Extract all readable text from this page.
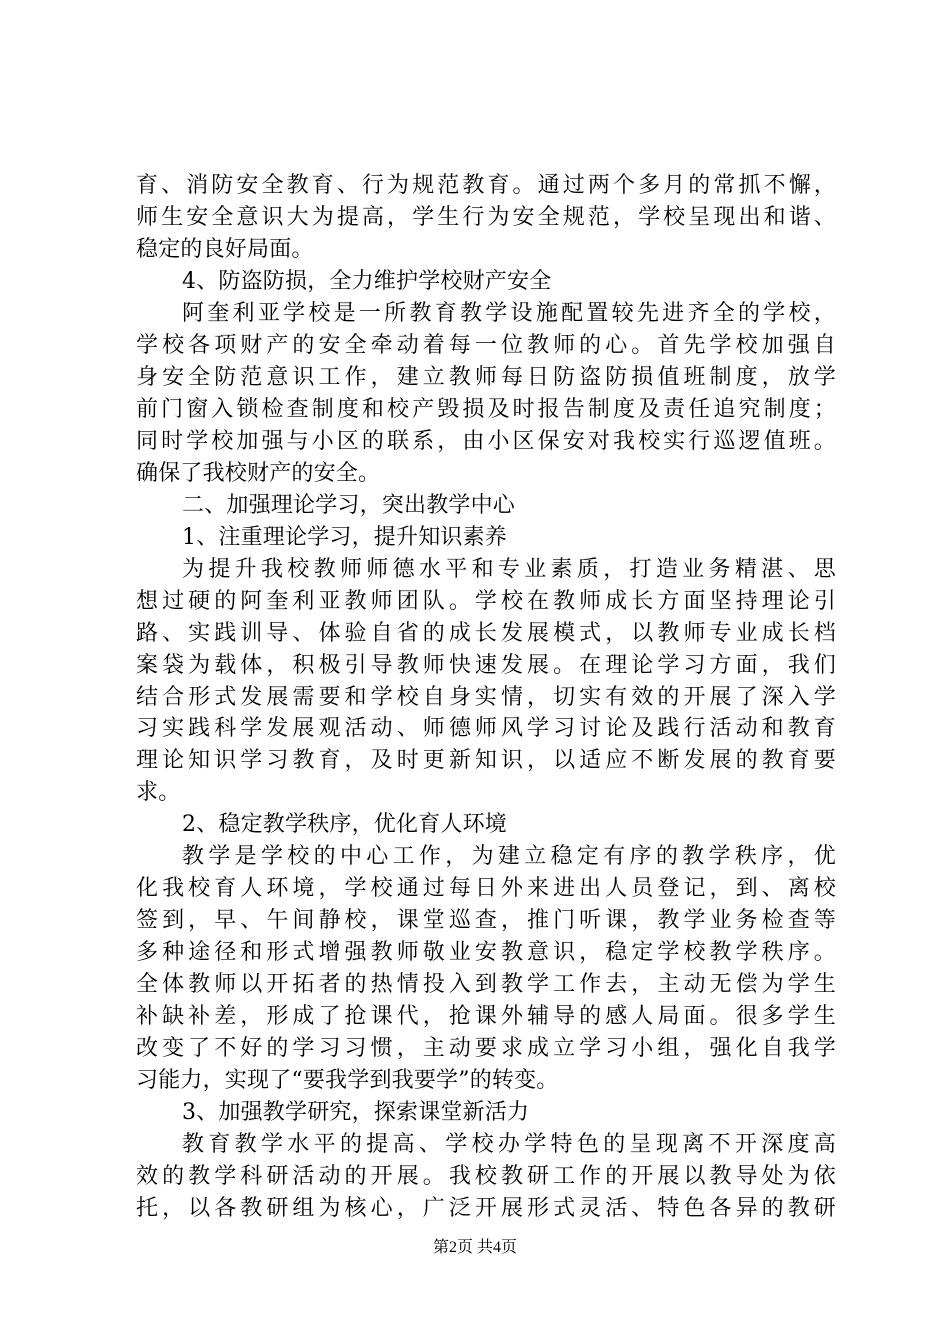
育、消防安全教育、行为规范教育。通过两个多月的常抓不懈，
师生安全意识大为提高，学生行为安全规范，学校呈现出和谐、
稳定的良好局面。
4、防盗防损，全力维护学校财产安全
阿奎利亚学校是一所教育教学设施配置较先进齐全的学校，
学校各项财产的安全牵动着每一位教师的心。首先学校加强自
身安全防范意识工作，建立教师每日防盗防损值班制度，放学
前门窗入锁检查制度和校产毁损及时报告制度及责任追究制度；
同时学校加强与小区的联系，由小区保安对我校实行巡逻值班。
确保了我校财产的安全。
二、加强理论学习，突出教学中心
1、注重理论学习，提升知识素养
为提升我校教师师德水平和专业素质，打造业务精湛、思
想过硬的阿奎利亚教师团队。学校在教师成长方面坚持理论引
路、实践训导、体验自省的成长发展模式，以教师专业成长档
案袋为载体，积极引导教师快速发展。在理论学习方面，我们
结合形式发展需要和学校自身实情，切实有效的开展了深入学
习实践科学发展观活动、师德师风学习讨论及践行活动和教育
理论知识学习教育，及时更新知识，以适应不断发展的教育要
求。
2、稳定教学秩序，优化育人环境
教学是学校的中心工作，为建立稳定有序的教学秩序，优
化我校育人环境，学校通过每日外来进出人员登记，到、离校
签到，早、午间静校，课堂巡查，推门听课，教学业务检查等
多种途径和形式增强教师敬业安教意识，稳定学校教学秩序。
全体教师以开拓者的热情投入到教学工作去，主动无偿为学生
补缺补差，形成了抢课代，抢课外辅导的感人局面。很多学生
改变了不好的学习习惯，主动要求成立学习小组，强化自我学
习能力，实现了“要我学到我要学”的转变。
3、加强教学研究，探索课堂新活力
教育教学水平的提高、学校办学特色的呈现离不开深度高
效的教学科研活动的开展。我校教研工作的开展以教导处为依
托，以各教研组为核心，广泛开展形式灵活、特色各异的教研
第2页 共4页
